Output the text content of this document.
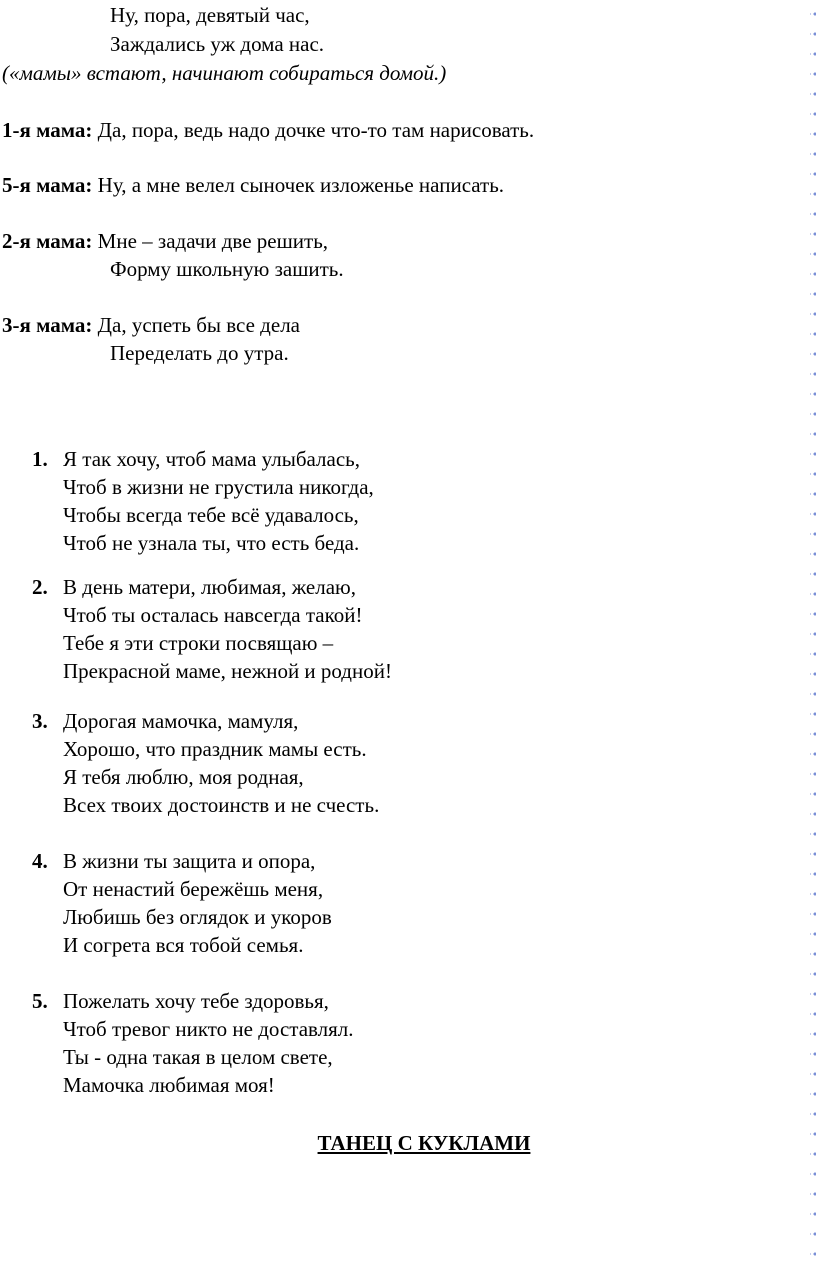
Ну, пора, девятый час,
Заждались уж дома нас.
(«мамы» встают, начинают собираться домой.)
1-я мама: Да, пора, ведь надо дочке что-то там нарисовать.
5-я мама: Ну, а мне велел сыночек изложенье написать.
2-я мама: Мне – задачи две решить,
Форму школьную зашить.
3-я мама: Да, успеть бы все дела
Переделать до утра.
1. Я так хочу, чтоб мама улыбалась,
Чтоб в жизни не грустила никогда,
Чтобы всегда тебе всё удавалось,
Чтоб не узнала ты, что есть беда.
2. В день матери, любимая, желаю,
Чтоб ты осталась навсегда такой!
Тебе я эти строки посвящаю –
Прекрасной маме, нежной и родной!
3. Дорогая мамочка, мамуля,
Хорошо, что праздник мамы есть.
Я тебя люблю, моя родная,
Всех твоих достоинств и не счесть.
4. В жизни ты защита и опора,
От ненастий бережёшь меня,
Любишь без оглядок и укоров
И согрета вся тобой семья.
5. Пожелать хочу тебе здоровья,
Чтоб тревог никто не доставлял.
Ты - одна такая в целом свете,
Мамочка любимая моя!
ТАНЕЦ С КУКЛАМИ
